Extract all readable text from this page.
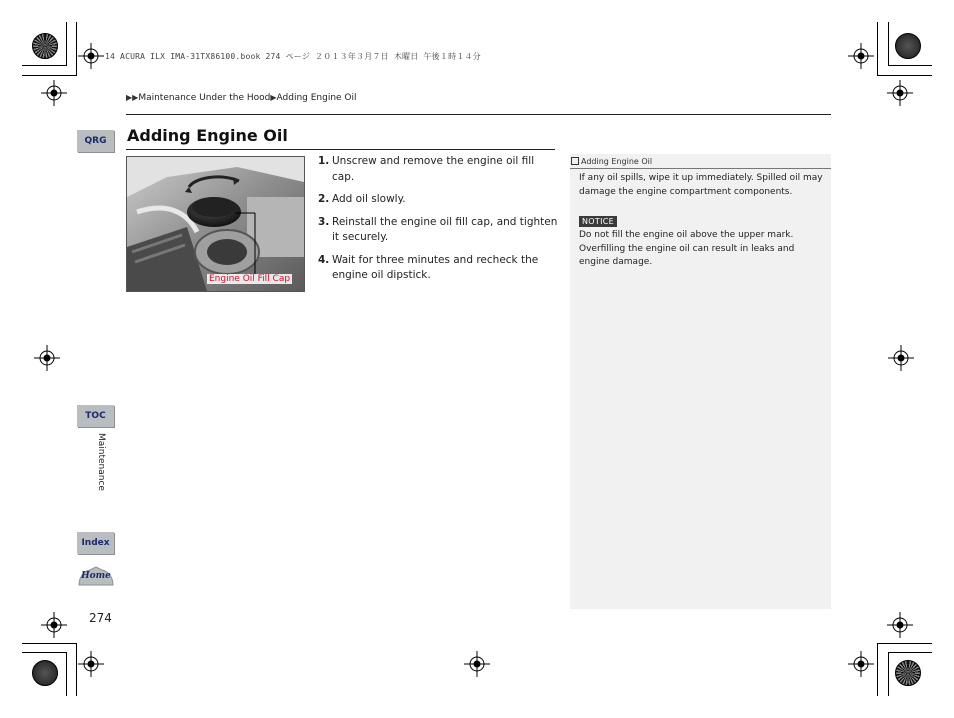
14 ACURA ILX IMA-31TX86100.book 274 ページ ２０１３年３月７日 木曜日 午後１時１４分
▶▶Maintenance Under the Hood▶Adding Engine Oil
QRG
TOC
Maintenance
Index
Home
274
Adding Engine Oil
Engine Oil Fill Cap
1. Unscrew and remove the engine oil fill cap.
2. Add oil slowly.
3. Reinstall the engine oil fill cap, and tighten it securely.
4. Wait for three minutes and recheck the engine oil dipstick.
Adding Engine Oil
If any oil spills, wipe it up immediately. Spilled oil may damage the engine compartment components.
Do not fill the engine oil above the upper mark. Overfilling the engine oil can result in leaks and engine damage.
NOTICE
